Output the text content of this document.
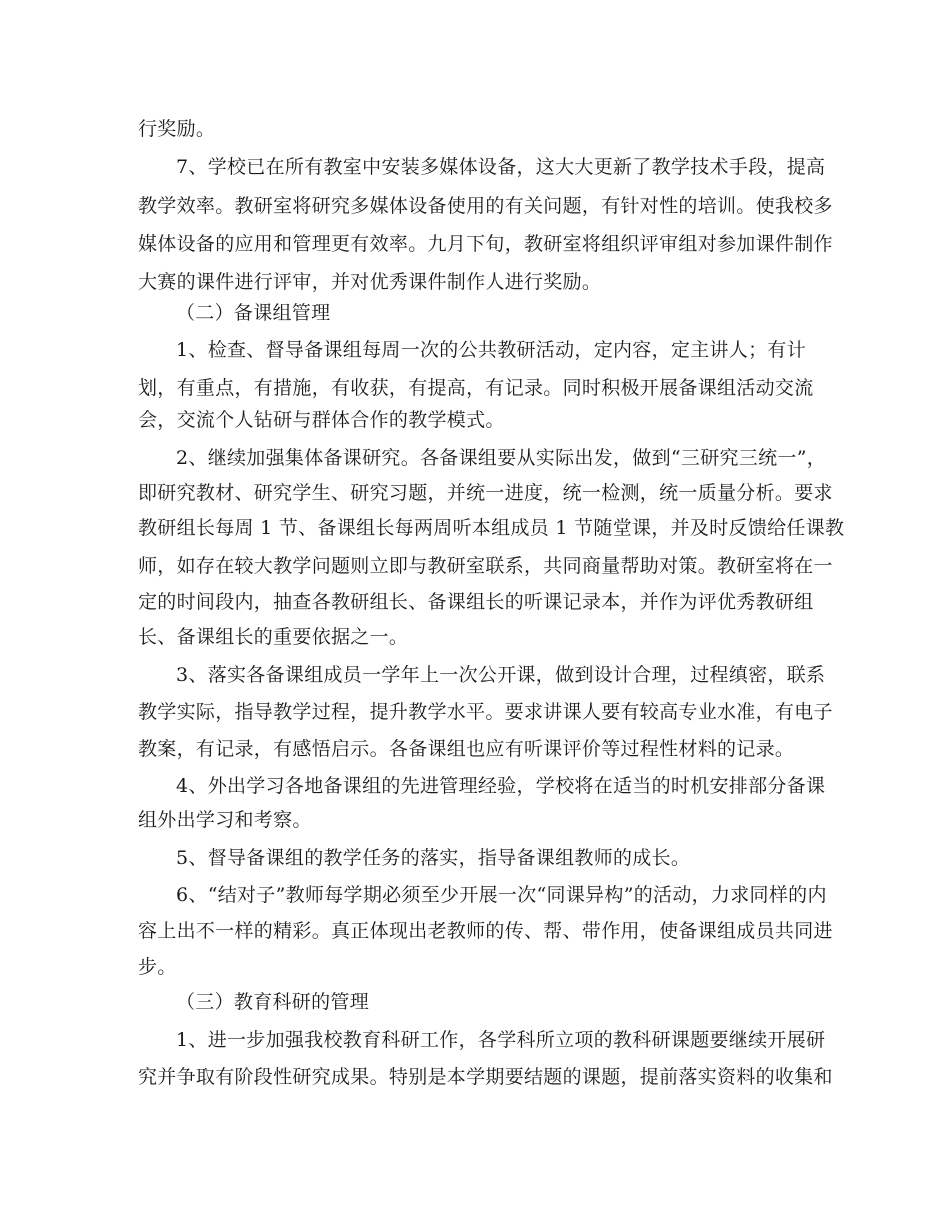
行奖励。
7、学校已在所有教室中安装多媒体设备，这大大更新了教学技术手段，提高
教学效率。教研室将研究多媒体设备使用的有关问题，有针对性的培训。使我校多
媒体设备的应用和管理更有效率。九月下旬，教研室将组织评审组对参加课件制作
大赛的课件进行评审，并对优秀课件制作人进行奖励。
（二）备课组管理
1、检查、督导备课组每周一次的公共教研活动，定内容，定主讲人；有计
划，有重点，有措施，有收获，有提高，有记录。同时积极开展备课组活动交流
会，交流个人钻研与群体合作的教学模式。
2、继续加强集体备课研究。各备课组要从实际出发，做到“三研究三统一”，
即研究教材、研究学生、研究习题，并统一进度，统一检测，统一质量分析。要求
教研组长每周 1 节、备课组长每两周听本组成员 1 节随堂课，并及时反馈给任课教
师，如存在较大教学问题则立即与教研室联系，共同商量帮助对策。教研室将在一
定的时间段内，抽查各教研组长、备课组长的听课记录本，并作为评优秀教研组
长、备课组长的重要依据之一。
3、落实各备课组成员一学年上一次公开课，做到设计合理，过程缜密，联系
教学实际，指导教学过程，提升教学水平。要求讲课人要有较高专业水准，有电子
教案，有记录，有感悟启示。各备课组也应有听课评价等过程性材料的记录。
4、外出学习各地备课组的先进管理经验，学校将在适当的时机安排部分备课
组外出学习和考察。
5、督导备课组的教学任务的落实，指导备课组教师的成长。
6、“结对子”教师每学期必须至少开展一次“同课异构”的活动，力求同样的内
容上出不一样的精彩。真正体现出老教师的传、帮、带作用，使备课组成员共同进
步。
（三）教育科研的管理
1、进一步加强我校教育科研工作，各学科所立项的教科研课题要继续开展研
究并争取有阶段性研究成果。特别是本学期要结题的课题，提前落实资料的收集和
